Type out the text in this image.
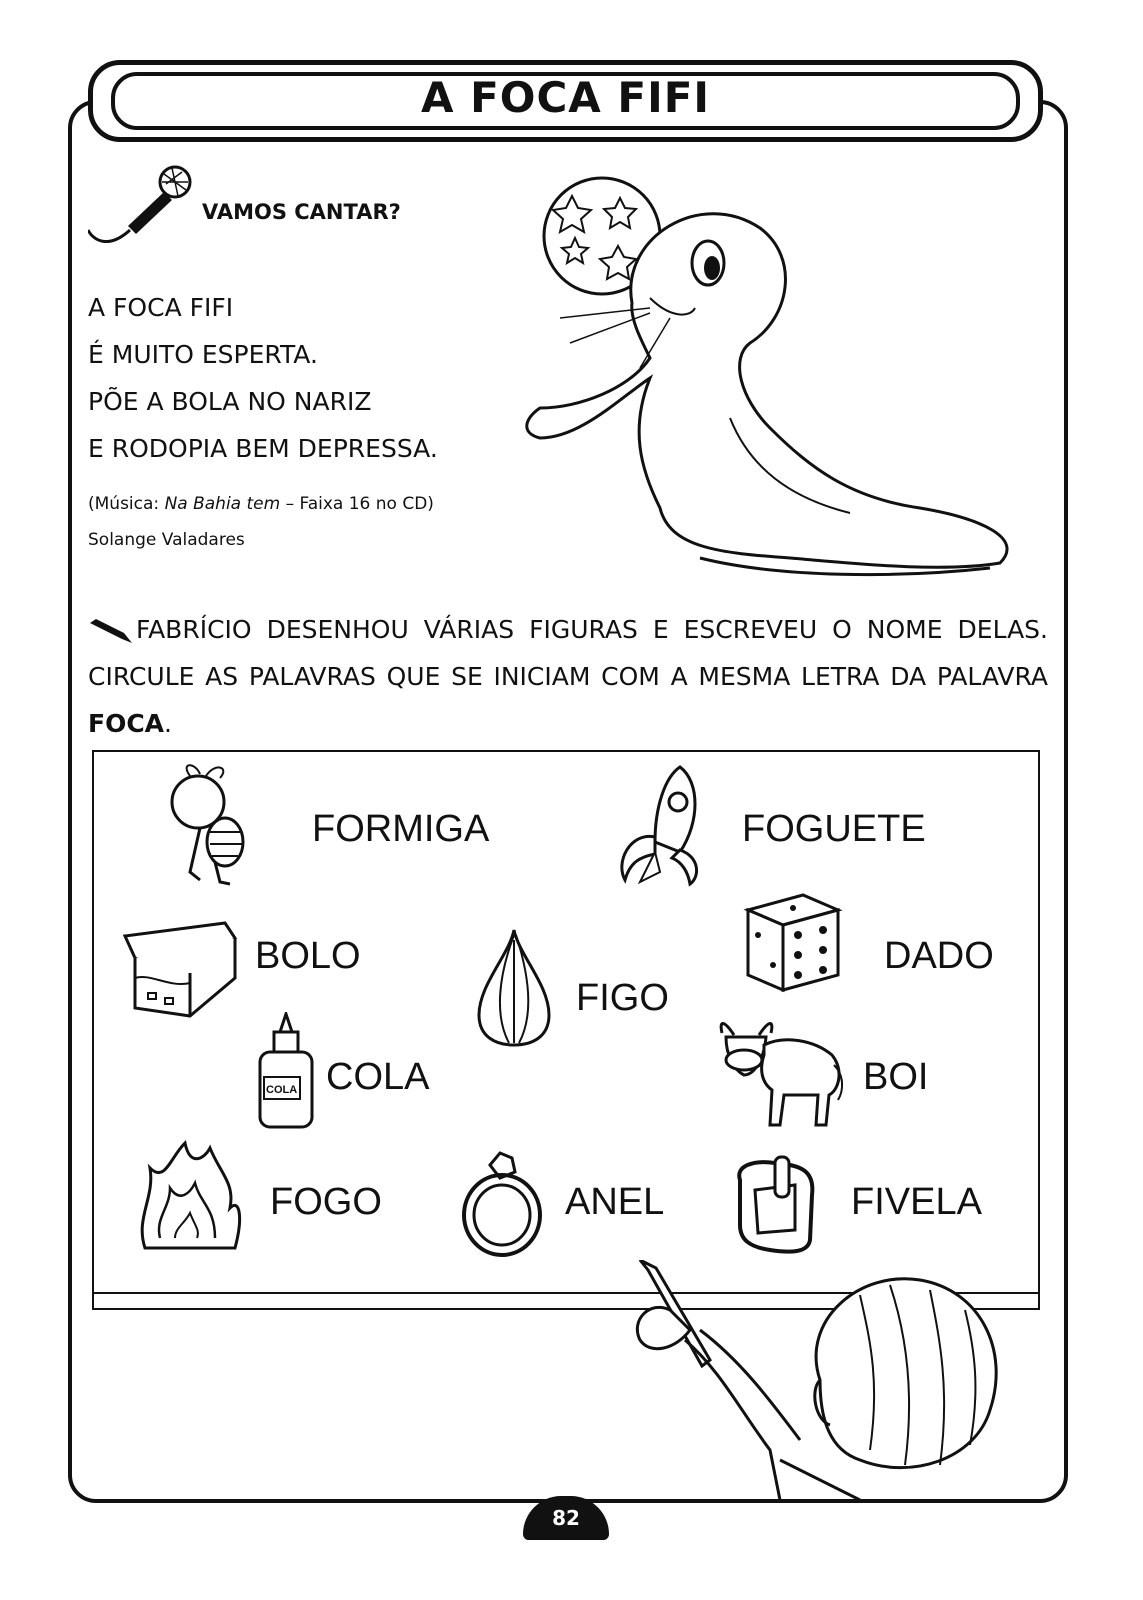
A FOCA FIFI
VAMOS CANTAR?
A FOCA FIFI
É MUITO ESPERTA.
PÕE A BOLA NO NARIZ
E RODOPIA BEM DEPRESSA.
(Música: Na Bahia tem – Faixa 16 no CD)
Solange Valadares
FABRÍCIO DESENHOU VÁRIAS FIGURAS E ESCREVEU O NOME DELAS. CIRCULE AS PALAVRAS QUE SE INICIAM COM A MESMA LETRA DA PALAVRA FOCA.
FORMIGA	FOGUETE
BOLO
FIGO
DADO
COLA COLA	BOI
FOGO	ANEL	FIVELA
82
